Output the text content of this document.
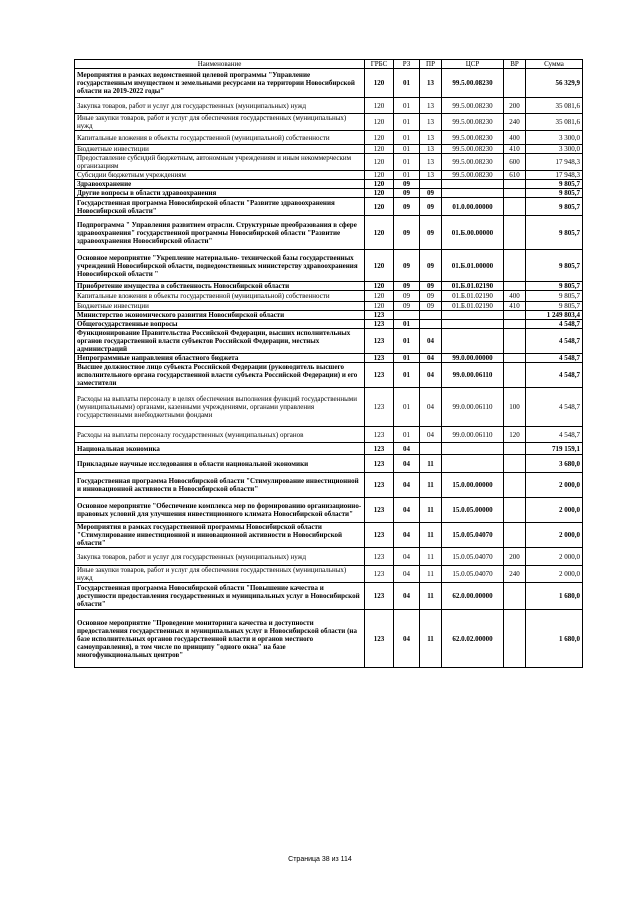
Наименование	ГРБС	РЗ	ПР	ЦСР	ВР	Сумма
Мероприятия в рамках ведомственной целевой программы "Управление государственным имуществом и земельными ресурсами на территории Новосибирской области на 2019-2022 годы"	120	01	13	99.5.00.08230		56 329,9
Закупка товаров, работ и услуг для государственных (муниципальных) нужд	120	01	13	99.5.00.08230	200	35 081,6
Иные закупки товаров, работ и услуг для обеспечения государственных (муниципальных) нужд	120	01	13	99.5.00.08230	240	35 081,6
Капитальные вложения в объекты государственной (муниципальной) собственности	120	01	13	99.5.00.08230	400	3 300,0
Бюджетные инвестиции	120	01	13	99.5.00.08230	410	3 300,0
Предоставление субсидий бюджетным, автономным учреждениям и иным некоммерческим организациям	120	01	13	99.5.00.08230	600	17 948,3
Субсидии бюджетным учреждениям	120	01	13	99.5.00.08230	610	17 948,3
Здравоохранение	120	09				9 805,7
Другие вопросы в области здравоохранения	120	09	09			9 805,7
Государственная программа Новосибирской области "Развитие здравоохранения Новосибирской области"	120	09	09	01.0.00.00000		9 805,7
Подпрограмма " Управления развитием отрасли. Структурные преобразования в сфере здравоохранения" государственной программы Новосибирской области "Развитие здравоохранения Новосибирской области"	120	09	09	01.Б.00.00000		9 805,7
Основное мероприятие "Укрепление материально- технической базы государственных учреждений Новосибирской области, подведомственных министерству здравоохранения Новосибирской области "	120	09	09	01.Б.01.00000		9 805,7
Приобретение имущества в собственность Новосибирской области	120	09	09	01.Б.01.02190		9 805,7
Капитальные вложения в объекты государственной (муниципальной) собственности	120	09	09	01.Б.01.02190	400	9 805,7
Бюджетные инвестиции	120	09	09	01.Б.01.02190	410	9 805,7
Министерство экономического развития Новосибирской области	123					1 249 803,4
Общегосударственные вопросы	123	01				4 548,7
Функционирование Правительства Российской Федерации, высших исполнительных органов государственной власти субъектов Российской Федерации, местных администраций	123	01	04			4 548,7
Непрограммные направления областного бюджета	123	01	04	99.0.00.00000		4 548,7
Высшее должностное лицо субъекта Российской Федерации (руководитель высшего исполнительного органа государственной власти субъекта Российской Федерации) и его заместители	123	01	04	99.0.00.06110		4 548,7
Расходы на выплаты персоналу в целях обеспечения выполнения функций государственными (муниципальными) органами, казенными учреждениями, органами управления государственными внебюджетными фондами	123	01	04	99.0.00.06110	100	4 548,7
Расходы на выплаты персоналу государственных (муниципальных) органов	123	01	04	99.0.00.06110	120	4 548,7
Национальная экономика	123	04				719 159,1
Прикладные научные исследования в области национальной экономики	123	04	11			3 680,0
Государственная программа Новосибирской области "Стимулирование инвестиционной и инновационной активности в Новосибирской области"	123	04	11	15.0.00.00000		2 000,0
Основное мероприятие "Обеспечение комплекса мер по формированию организационно-правовых условий для улучшения инвестиционного климата Новосибирской области"	123	04	11	15.0.05.00000		2 000,0
Мероприятия в рамках государственной программы Новосибирской области "Стимулирование инвестиционной и инновационной активности в Новосибирской области"	123	04	11	15.0.05.04070		2 000,0
Закупка товаров, работ и услуг для государственных (муниципальных) нужд	123	04	11	15.0.05.04070	200	2 000,0
Иные закупки товаров, работ и услуг для обеспечения государственных (муниципальных) нужд	123	04	11	15.0.05.04070	240	2 000,0
Государственная программа Новосибирской области "Повышение качества и доступности предоставления государственных и муниципальных услуг в Новосибирской области"	123	04	11	62.0.00.00000		1 680,0
Основное мероприятие "Проведение мониторинга качества и доступности предоставления государственных и муниципальных услуг в Новосибирской области (на базе исполнительных органов государственной власти и органов местного самоуправления), в том числе по принципу "одного окна" на базе многофункциональных центров"	123	04	11	62.0.02.00000		1 680,0
Страница 38 из 114
